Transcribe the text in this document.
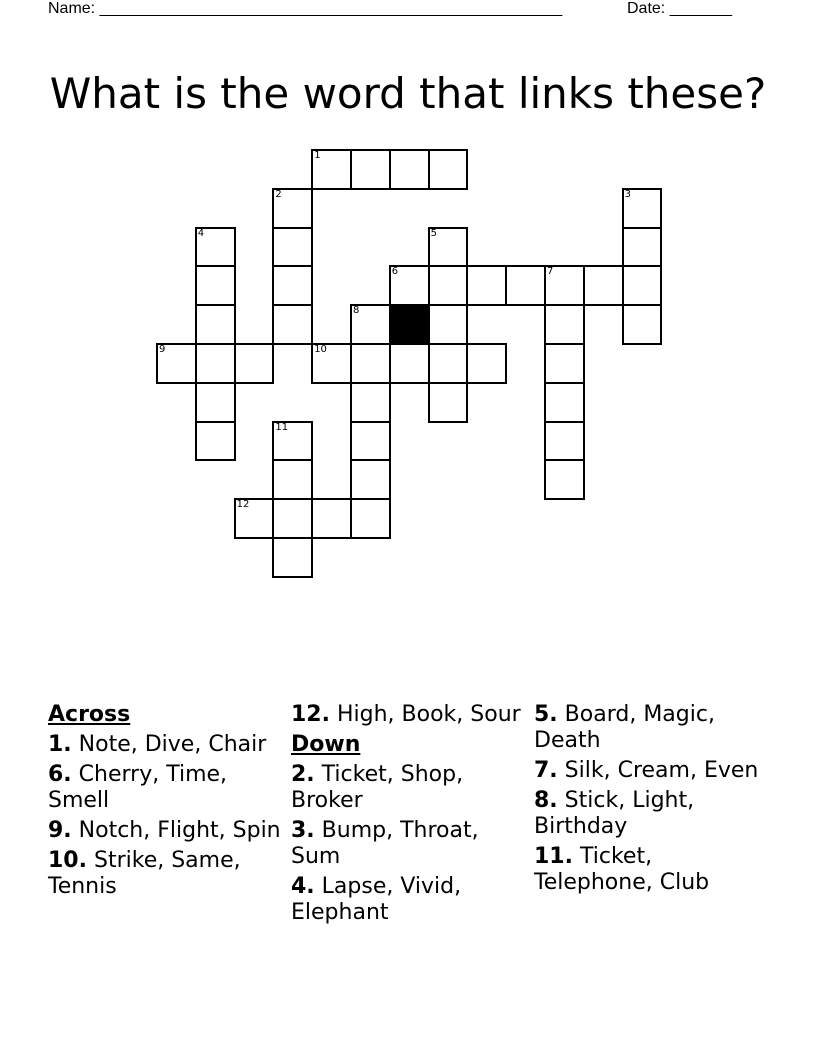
Name: ____________________________________________________	Date: _______
What is the word that links these?
1
2	3
4	5
6	7
8
9	10
11
12
Across
1. Note, Dive, Chair
6. Cherry, Time, Smell
9. Notch, Flight, Spin
10. Strike, Same, Tennis
12. High, Book, Sour
Down
2. Ticket, Shop, Broker
3. Bump, Throat, Sum
4. Lapse, Vivid, Elephant
5. Board, Magic, Death
7. Silk, Cream, Even
8. Stick, Light, Birthday
11. Ticket, Telephone, Club
